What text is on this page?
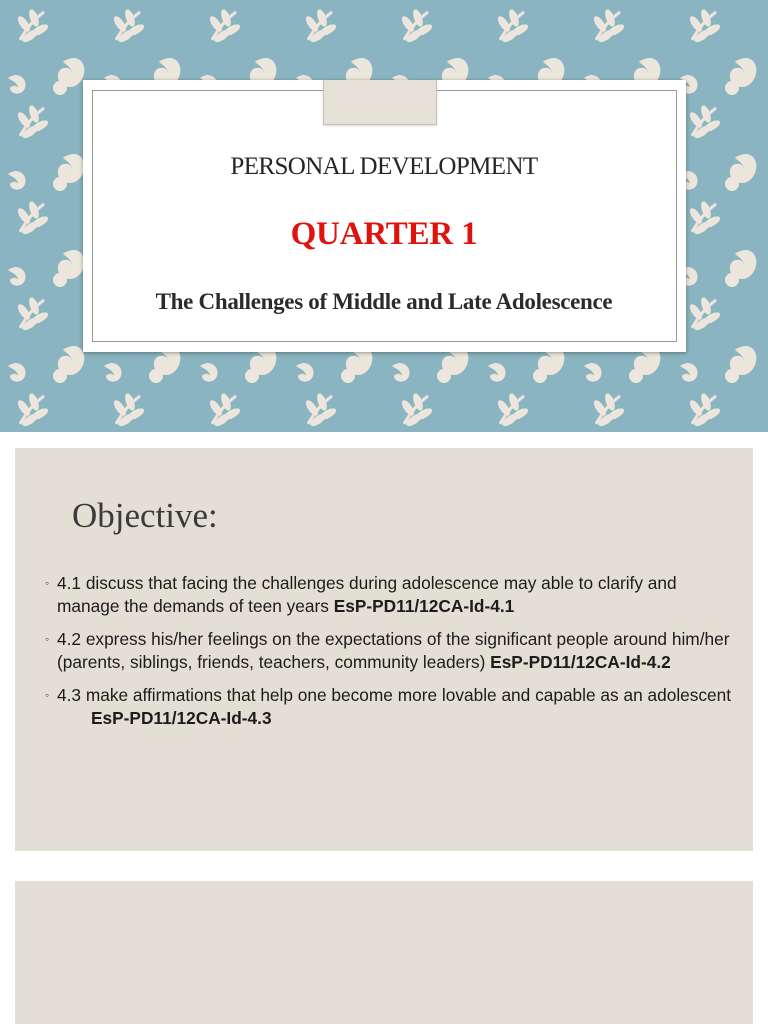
PERSONAL DEVELOPMENT
QUARTER 1
The Challenges of Middle and Late Adolescence
Objective:
◦ 4.1 discuss that facing the challenges during adolescence may able to clarify and manage the demands of teen years EsP-PD11/12CA-Id-4.1
◦ 4.2 express his/her feelings on the expectations of the significant people around him/her (parents, siblings, friends, teachers, community leaders) EsP-PD11/12CA-Id-4.2
◦ 4.3 make affirmations that help one become more lovable and capable as an adolescentEsP-PD11/12CA-Id-4.3
